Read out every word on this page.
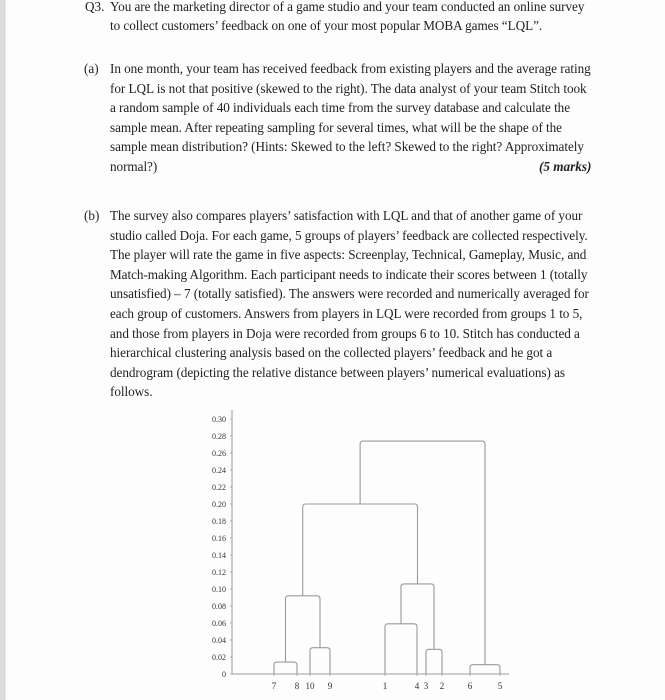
Q3. You are the marketing director of a game studio and your team conducted an online survey
to collect customers’ feedback on one of your most popular MOBA games “LQL”.
(a) In one month, your team has received feedback from existing players and the average rating
for LQL is not that positive (skewed to the right). The data analyst of your team Stitch took
a random sample of 40 individuals each time from the survey database and calculate the
sample mean. After repeating sampling for several times, what will be the shape of the
sample mean distribution? (Hints: Skewed to the left? Skewed to the right? Approximately
normal?)	(5 marks)
(b) The survey also compares players’ satisfaction with LQL and that of another game of your
studio called Doja. For each game, 5 groups of players’ feedback are collected respectively.
The player will rate the game in five aspects: Screenplay, Technical, Gameplay, Music, and
Match-making Algorithm. Each participant needs to indicate their scores between 1 (totally
unsatisfied) – 7 (totally satisfied). The answers were recorded and numerically averaged for
each group of customers. Answers from players in LQL were recorded from groups 1 to 5,
and those from players in Doja were recorded from groups 6 to 10. Stitch has conducted a
hierarchical clustering analysis based on the collected players’ feedback and he got a
dendrogram (depicting the relative distance between players’ numerical evaluations) as
follows.
0
0.02
0.04
0.06
0.08
0.10
0.12
0.14
0.16
0.18
0.20
0.22
0.24
0.26
0.28
0.30
7 8 10 9	1	4 3 2	6	5
